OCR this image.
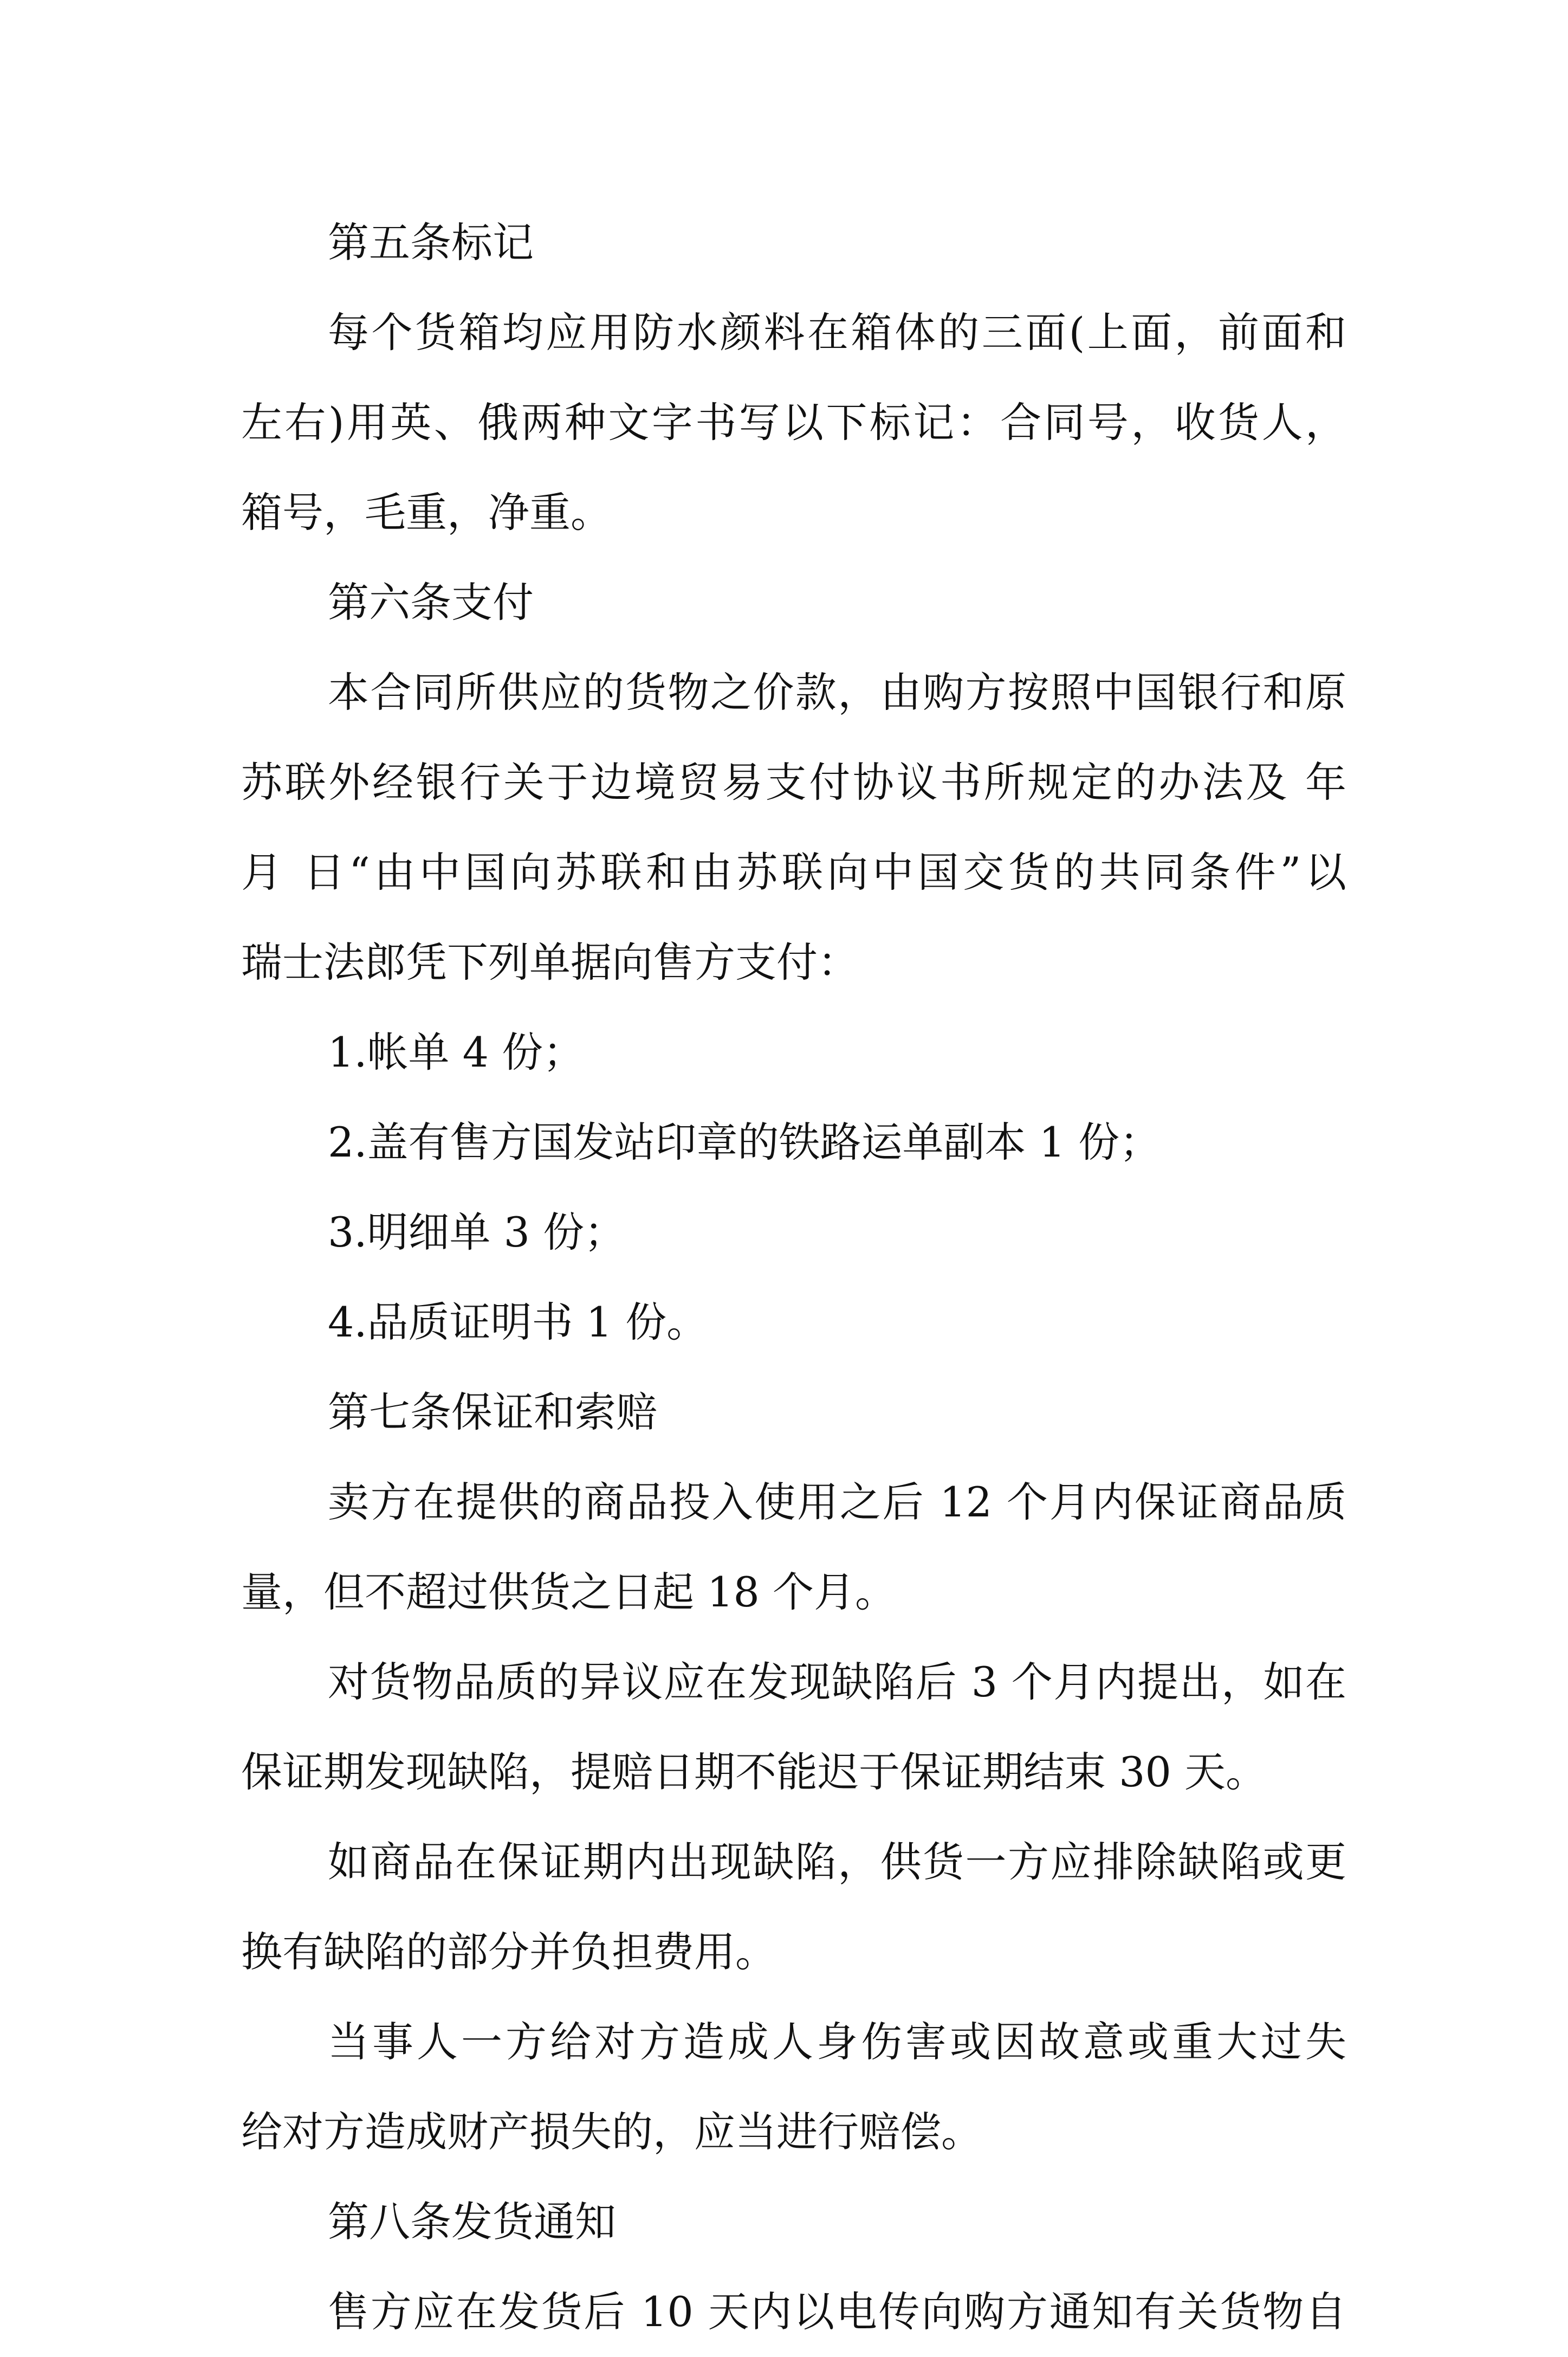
第五条标记
每个货箱均应用防水颜料在箱体的三面(上面，前面和
左右)用英、俄两种文字书写以下标记：合同号，收货人，
箱号，毛重，净重。
第六条支付
本合同所供应的货物之价款，由购方按照中国银行和原
苏联外经银行关于边境贸易支付协议书所规定的办法及 年
月 日“由中国向苏联和由苏联向中国交货的共同条件”以
瑞士法郎凭下列单据向售方支付：
1.帐单 4 份；
2.盖有售方国发站印章的铁路运单副本 1 份；
3.明细单 3 份；
4.品质证明书 1 份。
第七条保证和索赔
卖方在提供的商品投入使用之后 12 个月内保证商品质
量，但不超过供货之日起 18 个月。
对货物品质的异议应在发现缺陷后 3 个月内提出，如在
保证期发现缺陷，提赔日期不能迟于保证期结束 30 天。
如商品在保证期内出现缺陷，供货一方应排除缺陷或更
换有缺陷的部分并负担费用。
当事人一方给对方造成人身伤害或因故意或重大过失
给对方造成财产损失的，应当进行赔偿。
第八条发货通知
售方应在发货后 10 天内以电传向购方通知有关货物自
